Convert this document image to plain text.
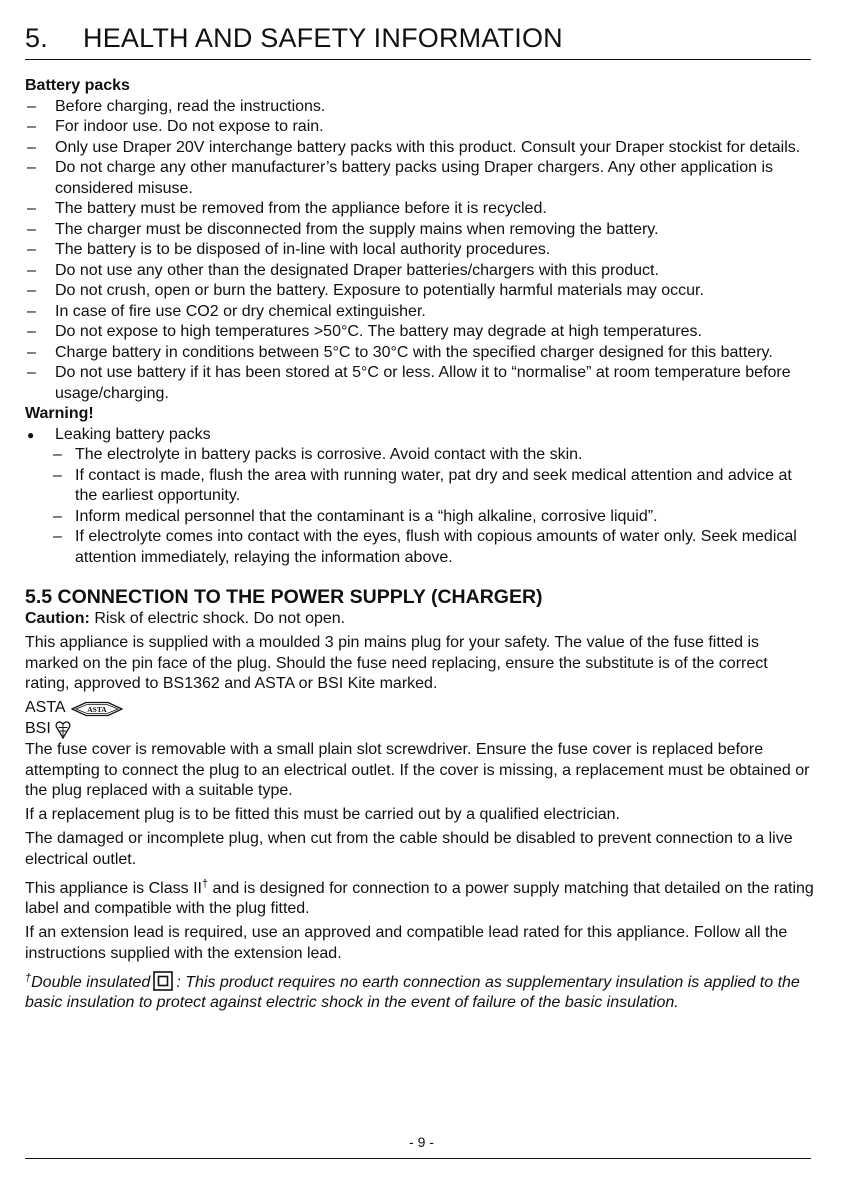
5. HEALTH AND SAFETY INFORMATION
Battery packs
– Before charging, read the instructions.
– For indoor use. Do not expose to rain.
– Only use Draper 20V interchange battery packs with this product. Consult your Draper stockist for details.
– Do not charge any other manufacturer’s battery packs using Draper chargers. Any other application is considered misuse.
– The battery must be removed from the appliance before it is recycled.
– The charger must be disconnected from the supply mains when removing the battery.
– The battery is to be disposed of in-line with local authority procedures.
– Do not use any other than the designated Draper batteries/chargers with this product.
– Do not crush, open or burn the battery. Exposure to potentially harmful materials may occur.
– In case of fire use CO2 or dry chemical extinguisher.
– Do not expose to high temperatures >50°C. The battery may degrade at high temperatures.
– Charge battery in conditions between 5°C to 30°C with the specified charger designed for this battery.
– Do not use battery if it has been stored at 5°C or less. Allow it to “normalise” at room temperature before usage/charging.
Warning!
● Leaking battery packs
– The electrolyte in battery packs is corrosive. Avoid contact with the skin.
– If contact is made, flush the area with running water, pat dry and seek medical attention and advice at the earliest opportunity.
– Inform medical personnel that the contaminant is a “high alkaline, corrosive liquid”.
– If electrolyte comes into contact with the eyes, flush with copious amounts of water only. Seek medical attention immediately, relaying the information above.
5.5 CONNECTION TO THE POWER SUPPLY (CHARGER)

Caution: Risk of electric shock. Do not open.

This appliance is supplied with a moulded 3 pin mains plug for your safety. The value of the fuse fitted is marked on the pin face of the plug. Should the fuse need replacing, ensure the substitute is of the correct rating, approved to BS1362 and ASTA or BSI Kite marked.

ASTA	ASTA
BSI

The fuse cover is removable with a small plain slot screwdriver. Ensure the fuse cover is replaced before attempting to connect the plug to an electrical outlet. If the cover is missing, a replacement must be obtained or the plug replaced with a suitable type.

If a replacement plug is to be fitted this must be carried out by a qualified electrician.

The damaged or incomplete plug, when cut from the cable should be disabled to prevent connection to a live electrical outlet.

This appliance is Class II† and is designed for connection to a power supply matching that detailed on the rating label and compatible with the plug fitted.

If an extension lead is required, use an approved and compatible lead rated for this appliance. Follow all the instructions supplied with the extension lead.

†Double insulated : This product requires no earth connection as supplementary insulation is applied to the basic insulation to protect against electric shock in the event of failure of the basic insulation.

- 9 -
